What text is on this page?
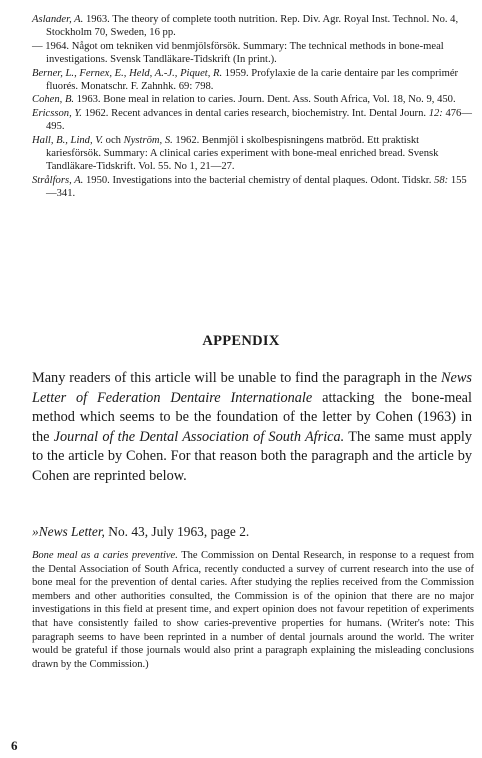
Aslander, A. 1963. The theory of complete tooth nutrition. Rep. Div. Agr. Royal Inst. Technol. No. 4, Stockholm 70, Sweden, 16 pp.

— 1964. Något om tekniken vid benmjölsförsök. Summary: The technical methods in bone-meal investigations. Svensk Tandläkare-Tidskrift (In print.).

Berner, L., Fernex, E., Held, A.-J., Piquet, R. 1959. Profylaxie de la carie dentaire par les comprimér fluorés. Monatschr. F. Zahnhk. 69: 798.

Cohen, B. 1963. Bone meal in relation to caries. Journ. Dent. Ass. South Africa, Vol. 18, No. 9, 450.

Ericsson, Y. 1962. Recent advances in dental caries research, biochemistry. Int. Dental Journ. 12: 476—495.

Hall, B., Lind, V. och Nyström, S. 1962. Benmjöl i skolbespisningens matbröd. Ett praktiskt kariesförsök. Summary: A clinical caries experiment with bone-meal enriched bread. Svensk Tandläkare-Tidskrift. Vol. 55. No 1, 21—27.

Strålfors, A. 1950. Investigations into the bacterial chemistry of dental plaques. Odont. Tidskr. 58: 155—341.

APPENDIX

Many readers of this article will be unable to find the paragraph in the News Letter of Federation Dentaire Internationale attacking the bone-meal method which seems to be the foundation of the letter by Cohen (1963) in the Journal of the Dental Association of South Africa. The same must apply to the article by Cohen. For that reason both the paragraph and the article by Cohen are reprinted below.

»News Letter, No. 43, July 1963, page 2.

Bone meal as a caries preventive. The Commission on Dental Research, in response to a request from the Dental Association of South Africa, recently conducted a survey of current research into the use of bone meal for the prevention of dental caries. After studying the replies received from the Commission members and other authorities consulted, the Commission is of the opinion that there are no major investigations in this field at present time, and expert opinion does not favour repetition of experiments that have consistently failed to show caries-preventive properties for humans. (Writer's note: This paragraph seems to have been reprinted in a number of dental journals around the world. The writer would be grateful if those journals would also print a paragraph explaining the misleading conclusions drawn by the Commission.)

6
